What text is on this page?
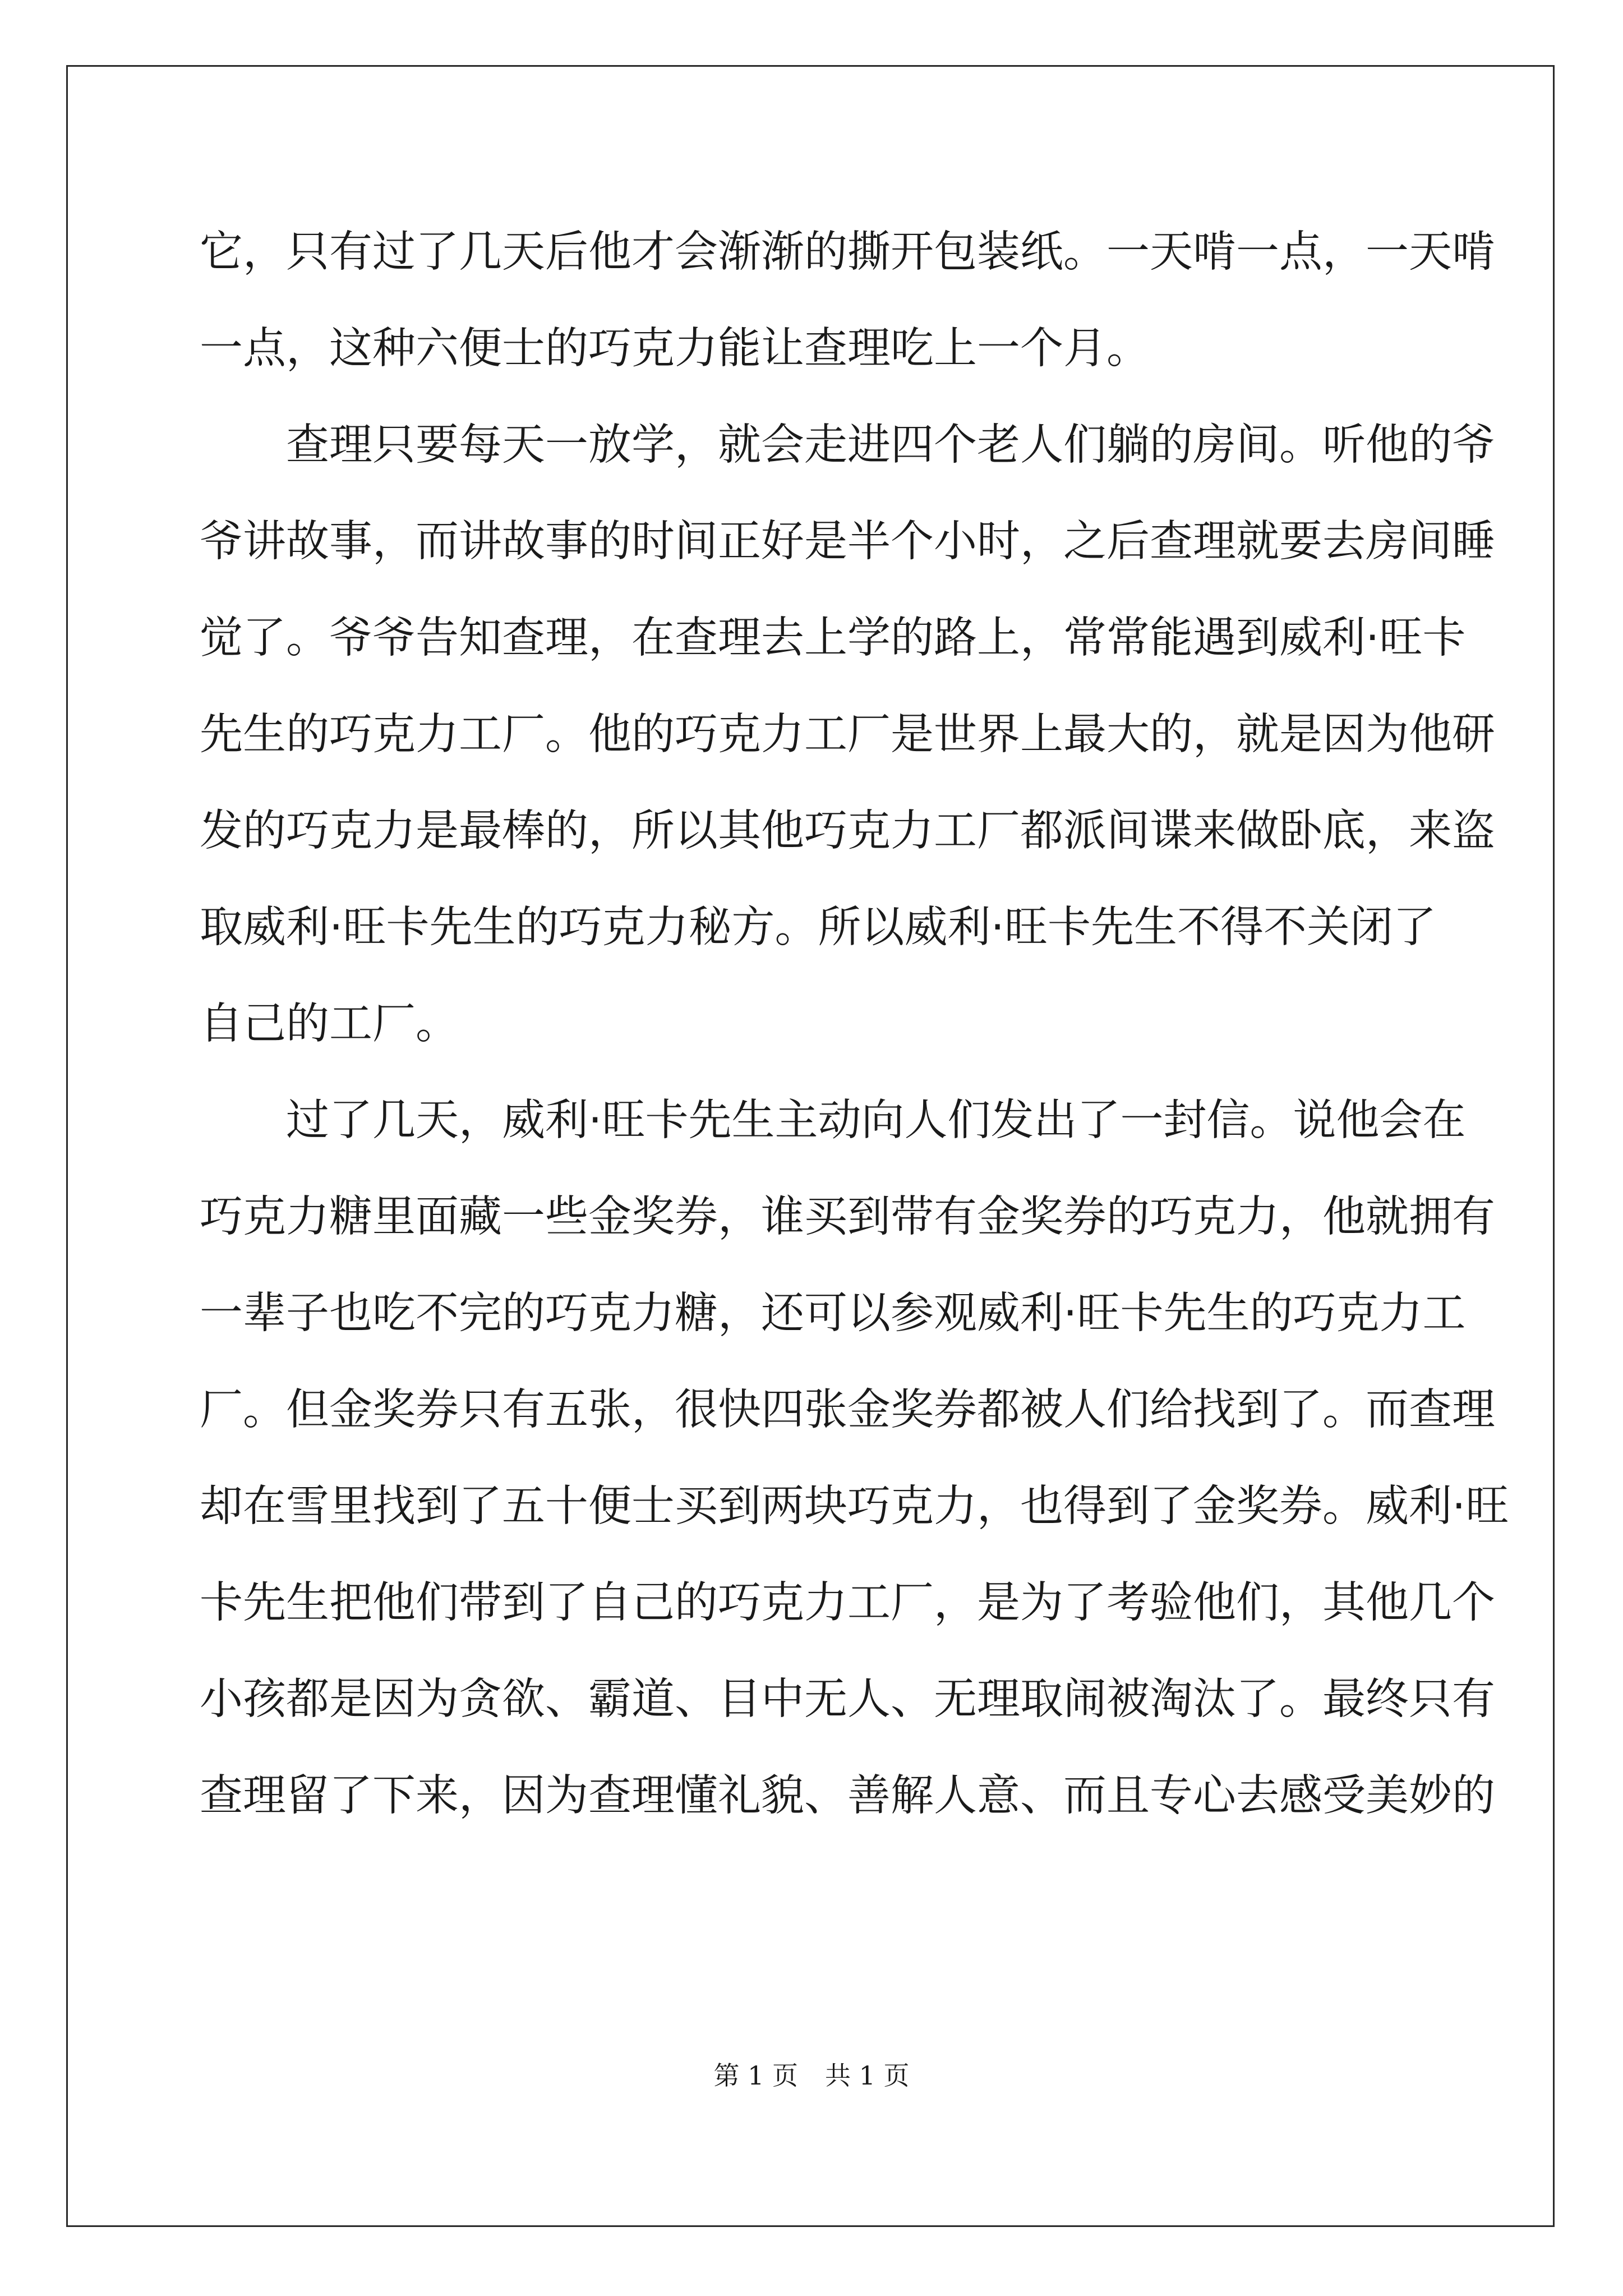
它，只有过了几天后他才会渐渐的撕开包装纸。一天啃一点，一天啃
一点，这种六便士的巧克力能让查理吃上一个月。
查理只要每天一放学，就会走进四个老人们躺的房间。听他的爷
爷讲故事，而讲故事的时间正好是半个小时，之后查理就要去房间睡
觉了。爷爷告知查理，在查理去上学的路上，常常能遇到威利·旺卡
先生的巧克力工厂。他的巧克力工厂是世界上最大的，就是因为他研
发的巧克力是最棒的，所以其他巧克力工厂都派间谍来做卧底，来盗
取威利·旺卡先生的巧克力秘方。所以威利·旺卡先生不得不关闭了
自己的工厂。
过了几天，威利·旺卡先生主动向人们发出了一封信。说他会在
巧克力糖里面藏一些金奖券，谁买到带有金奖券的巧克力，他就拥有
一辈子也吃不完的巧克力糖，还可以参观威利·旺卡先生的巧克力工
厂。但金奖券只有五张，很快四张金奖券都被人们给找到了。而查理
却在雪里找到了五十便士买到两块巧克力，也得到了金奖券。威利·旺
卡先生把他们带到了自己的巧克力工厂，是为了考验他们，其他几个
小孩都是因为贪欲、霸道、目中无人、无理取闹被淘汰了。最终只有
查理留了下来，因为查理懂礼貌、善解人意、而且专心去感受美妙的
第 1 页 共 1 页
